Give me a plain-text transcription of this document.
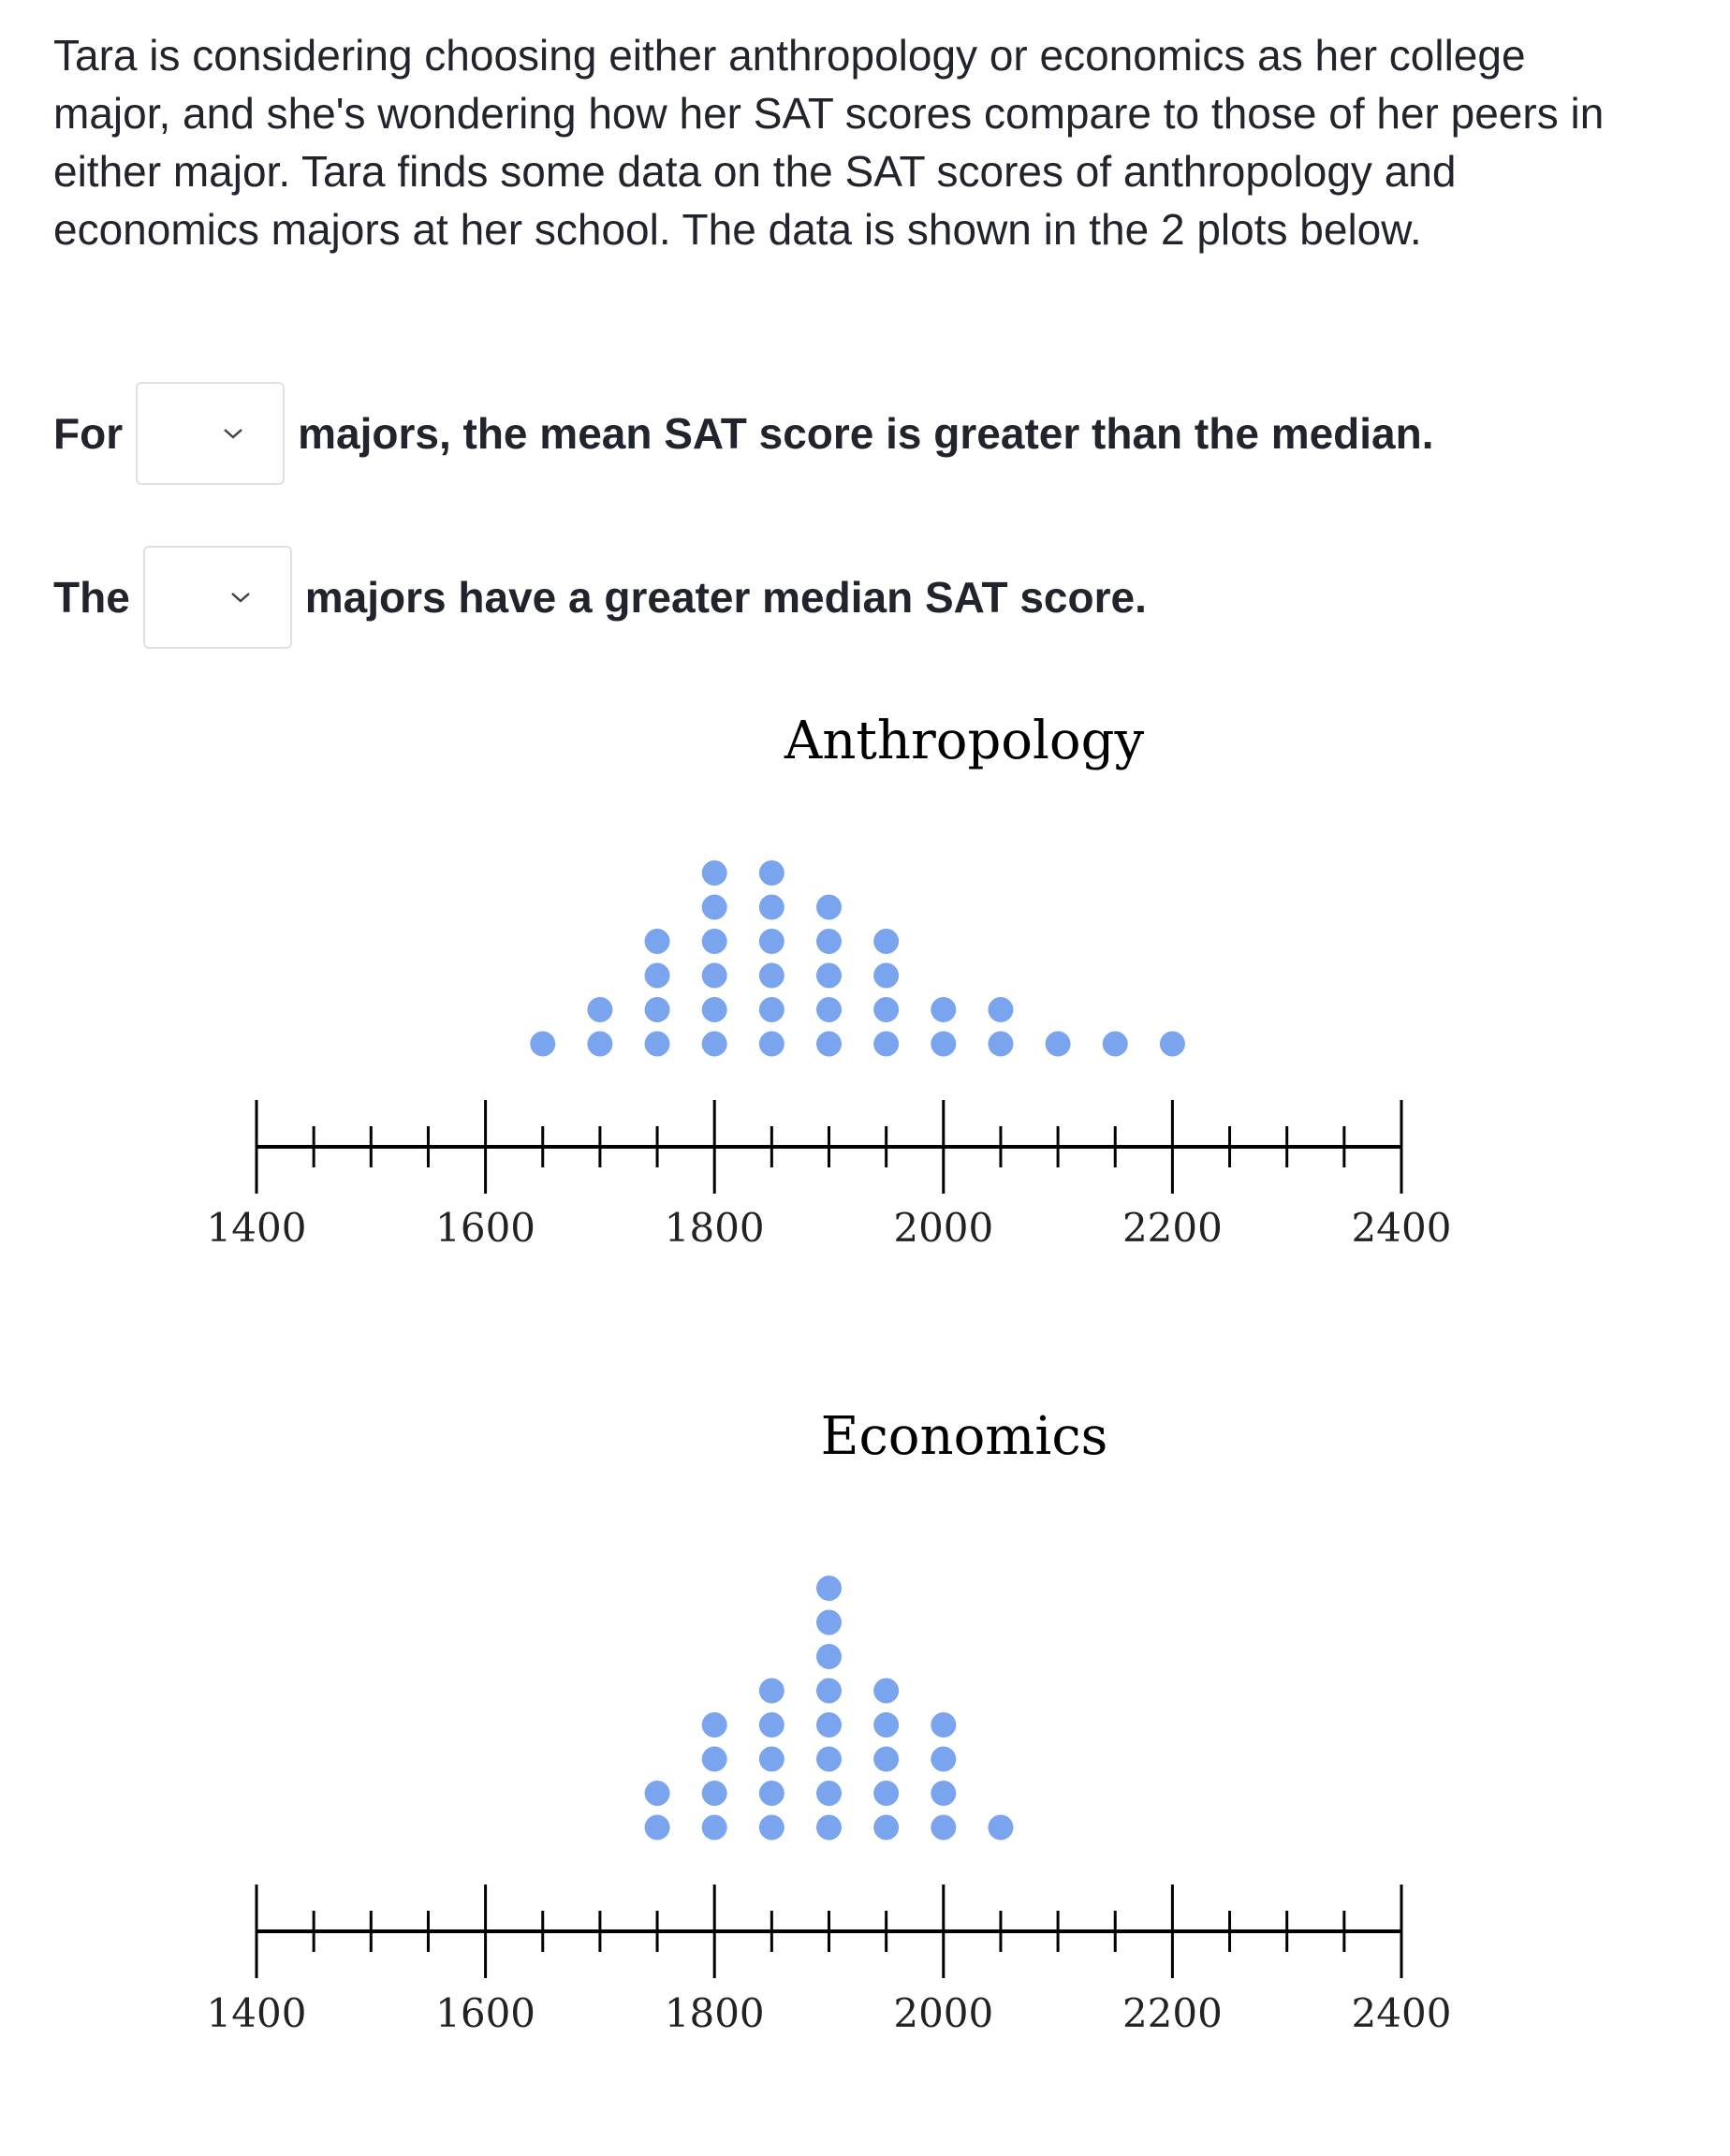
Tara is considering choosing either anthropology or economics as her college major, and she's wondering how her SAT scores compare to those of her peers in either major. Tara finds some data on the SAT scores of anthropology and economics majors at her school. The data is shown in the 2 plots below.
For	majors, the mean SAT score is greater than the median.
The	majors have a greater median SAT score.
Anthropology
1400	1600	1800	2000	2200	2400
Economics
1400	1600	1800	2000	2200	2400
